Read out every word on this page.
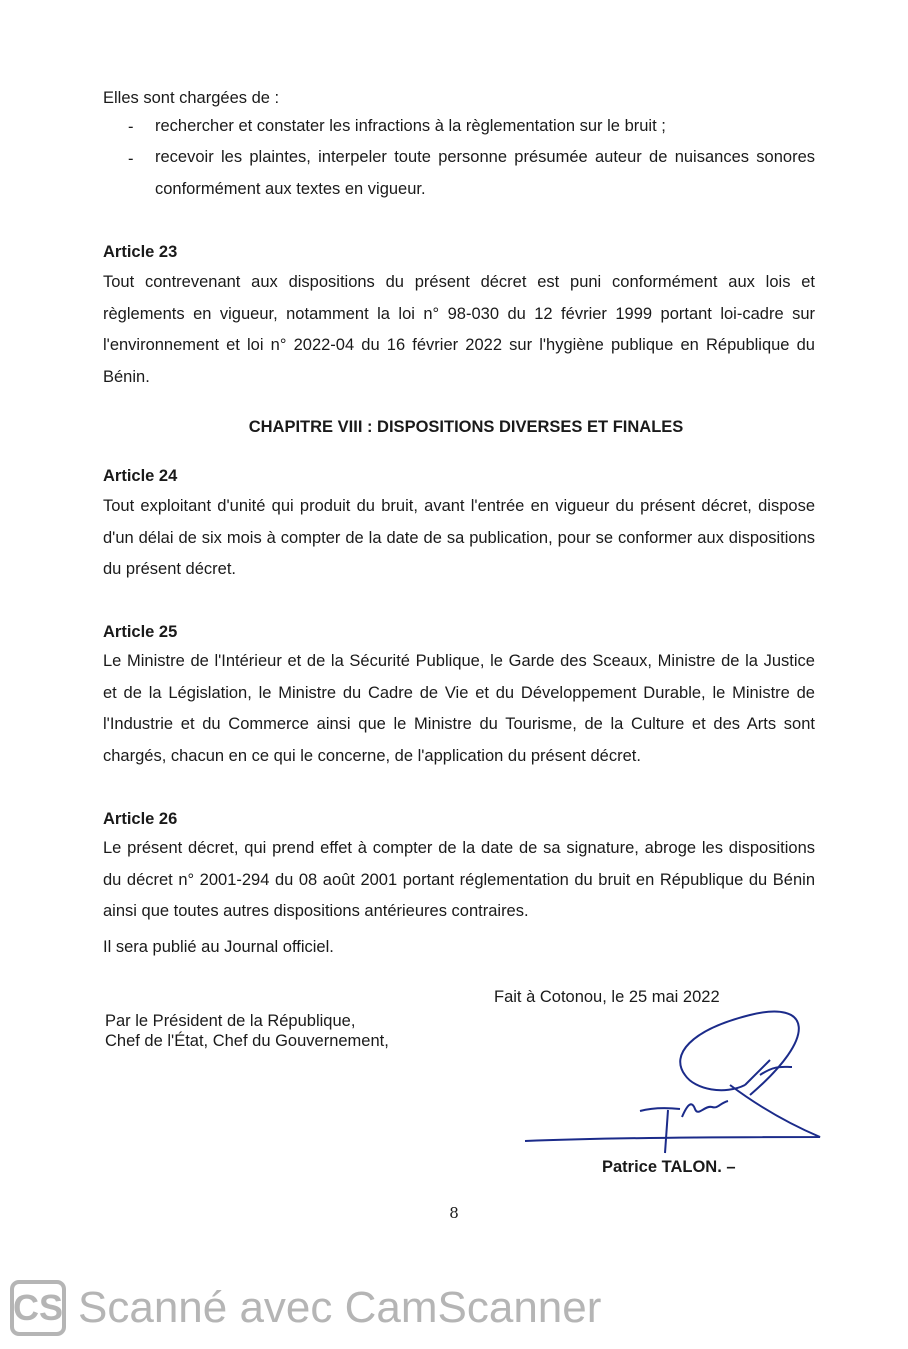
Elles sont chargées de :

- rechercher et constater les infractions à la règlementation sur le bruit ;

- recevoir les plaintes, interpeler toute personne présumée auteur de nuisances sonores conformément aux textes en vigueur.

Article 23

Tout contrevenant aux dispositions du présent décret est puni conformément aux lois et règlements en vigueur, notamment la loi n° 98-030 du 12 février 1999 portant loi-cadre sur l'environnement et loi n° 2022-04 du 16 février 2022 sur l'hygiène publique en République du Bénin.

CHAPITRE VIII : DISPOSITIONS DIVERSES ET FINALES

Article 24

Tout exploitant d'unité qui produit du bruit, avant l'entrée en vigueur du présent décret, dispose d'un délai de six mois à compter de la date de sa publication, pour se conformer aux dispositions du présent décret.

Article 25

Le Ministre de l'Intérieur et de la Sécurité Publique, le Garde des Sceaux, Ministre de la Justice et de la Législation, le Ministre du Cadre de Vie et du Développement Durable, le Ministre de l'Industrie et du Commerce ainsi que le Ministre du Tourisme, de la Culture et des Arts sont chargés, chacun en ce qui le concerne, de l'application du présent décret.

Article 26

Le présent décret, qui prend effet à compter de la date de sa signature, abroge les dispositions du décret n° 2001-294 du 08 août 2001 portant réglementation du bruit en République du Bénin ainsi que toutes autres dispositions antérieures contraires.

Il sera publié au Journal officiel.

Fait à Cotonou, le 25 mai 2022

Par le Président de la République,

Chef de l'État, Chef du Gouvernement,

Patrice TALON. –

8
CS Scanné avec CamScanner
